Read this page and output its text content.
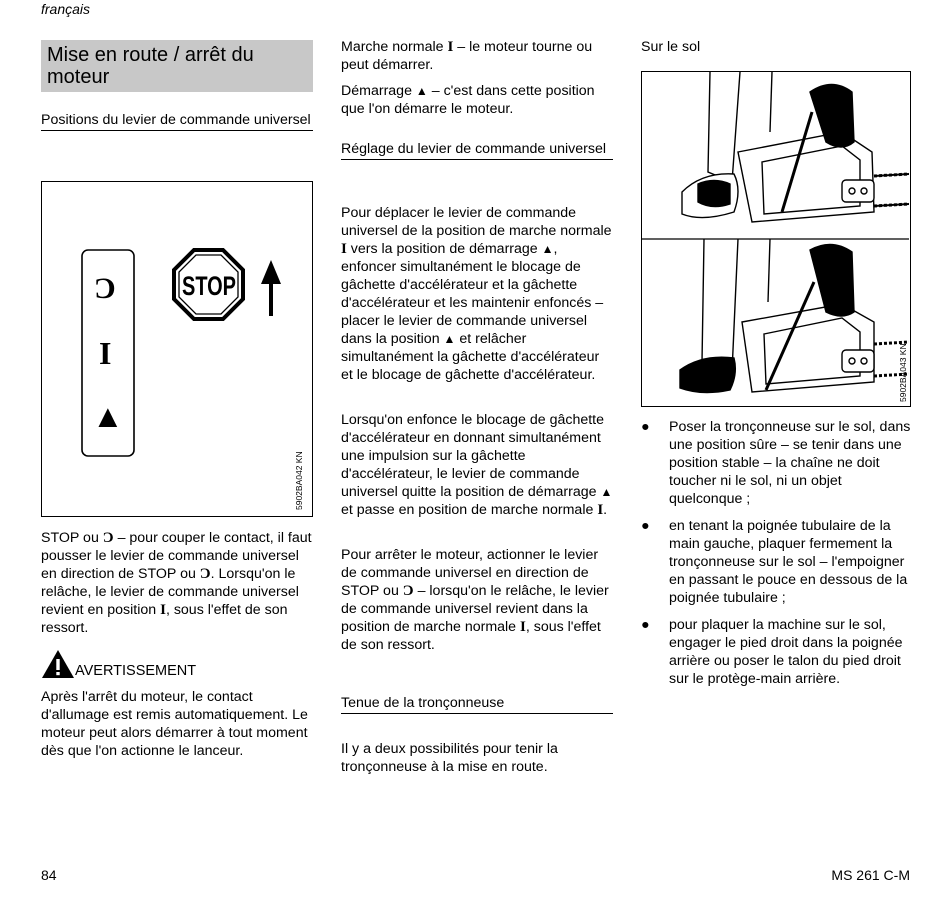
français
Mise en route / arrêt du moteur
Positions du levier de commande universel
STOP
Ɔ
I
▲
5902BA042 KN

STOP ou Ɔ – pour couper le contact, il faut pousser le levier de commande universel en direction de STOP ou Ɔ. Lorsqu'on le relâche, le levier de commande universel revient en position I, sous l'effet de son ressort.

AVERTISSEMENT

Après l'arrêt du moteur, le contact d'allumage est remis automatiquement. Le moteur peut alors démarrer à tout moment dès que l'on actionne le lanceur.

Marche normale I – le moteur tourne ou peut démarrer.

Démarrage ▲ – c'est dans cette position que l'on démarre le moteur.

Réglage du levier de commande universel

Pour déplacer le levier de commande universel de la position de marche normale I vers la position de démarrage ▲, enfoncer simultanément le blocage de gâchette d'accélérateur et la gâchette d'accélérateur et les maintenir enfoncés – placer le levier de commande universel dans la position ▲ et relâcher simultanément la gâchette d'accélérateur et le blocage de gâchette d'accélérateur.

Lorsqu'on enfonce le blocage de gâchette d'accélérateur en donnant simultanément une impulsion sur la gâchette d'accélérateur, le levier de commande universel quitte la position de démarrage ▲ et passe en position de marche normale I.

Pour arrêter le moteur, actionner le levier de commande universel en direction de STOP ou Ɔ – lorsqu'on le relâche, le levier de commande universel revient dans la position de marche normale I, sous l'effet de son ressort.

Tenue de la tronçonneuse

Il y a deux possibilités pour tenir la tronçonneuse à la mise en route.

Sur le sol
5902BA043 KN
● Poser la tronçonneuse sur le sol, dans une position sûre – se tenir dans une position stable – la chaîne ne doit toucher ni le sol, ni un objet quelconque ;

● en tenant la poignée tubulaire de la main gauche, plaquer fermement la tronçonneuse sur le sol – l'empoigner en passant le pouce en dessous de la poignée tubulaire ;

● pour plaquer la machine sur le sol, engager le pied droit dans la poignée arrière ou poser le talon du pied droit sur le protège-main arrière.

84	MS 261 C-M
